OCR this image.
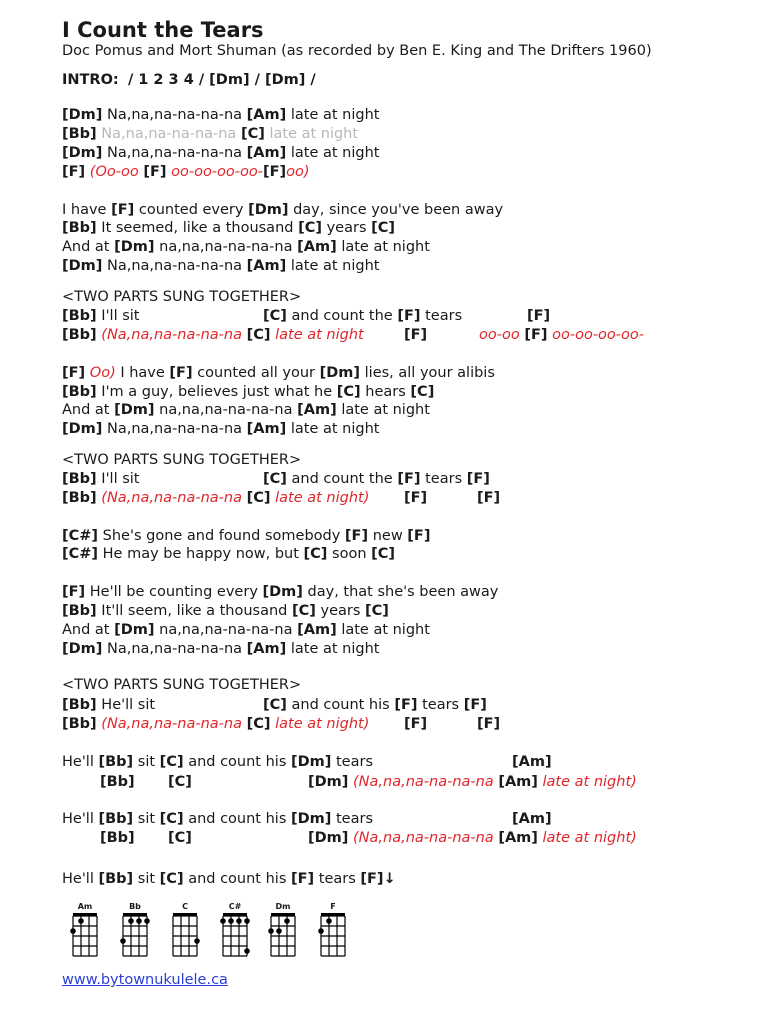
I Count the Tears
Doc Pomus and Mort Shuman (as recorded by Ben E. King and The Drifters 1960)
INTRO: / 1 2 3 4 / [Dm] / [Dm] /
[Dm] Na,na,na-na-na-na [Am] late at night
[Bb] Na,na,na-na-na-na [C] late at night
[Dm] Na,na,na-na-na-na [Am] late at night
[F] (Oo-oo [F] oo-oo-oo-oo-[F]oo)
I have [F] counted every [Dm] day, since you've been away
[Bb] It seemed, like a thousand [C] years [C]
And at [Dm] na,na,na-na-na-na [Am] late at night
[Dm] Na,na,na-na-na-na [Am] late at night
<TWO PARTS SUNG TOGETHER>
[Bb] I'll sit	[C] and count the [F] tears	[F]
[Bb] (Na,na,na-na-na-na [C] late at night	[F]	oo-oo [F] oo-oo-oo-oo-
[F] Oo) I have [F] counted all your [Dm] lies, all your alibis
[Bb] I'm a guy, believes just what he [C] hears [C]
And at [Dm] na,na,na-na-na-na [Am] late at night
[Dm] Na,na,na-na-na-na [Am] late at night
<TWO PARTS SUNG TOGETHER>
[Bb] I'll sit	[C] and count the [F] tears [F]
[Bb] (Na,na,na-na-na-na [C] late at night) [F]	[F]
[C#] She's gone and found somebody [F] new [F]
[C#] He may be happy now, but [C] soon [C]
[F] He'll be counting every [Dm] day, that she's been away
[Bb] It'll seem, like a thousand [C] years [C]
And at [Dm] na,na,na-na-na-na [Am] late at night
[Dm] Na,na,na-na-na-na [Am] late at night
<TWO PARTS SUNG TOGETHER>
[Bb] He'll sit	[C] and count his [F] tears [F]
[Bb] (Na,na,na-na-na-na [C] late at night) [F]	[F]
He'll [Bb] sit [C] and count his [Dm] tears	[Am]
[Bb] [C]	[Dm] (Na,na,na-na-na-na [Am] late at night)
He'll [Bb] sit [C] and count his [Dm] tears	[Am]
[Bb] [C]	[Dm] (Na,na,na-na-na-na [Am] late at night)
He'll [Bb] sit [C] and count his [F] tears [F]↓
Am	Bb	C	C#	Dm	F
www.bytownukulele.ca
